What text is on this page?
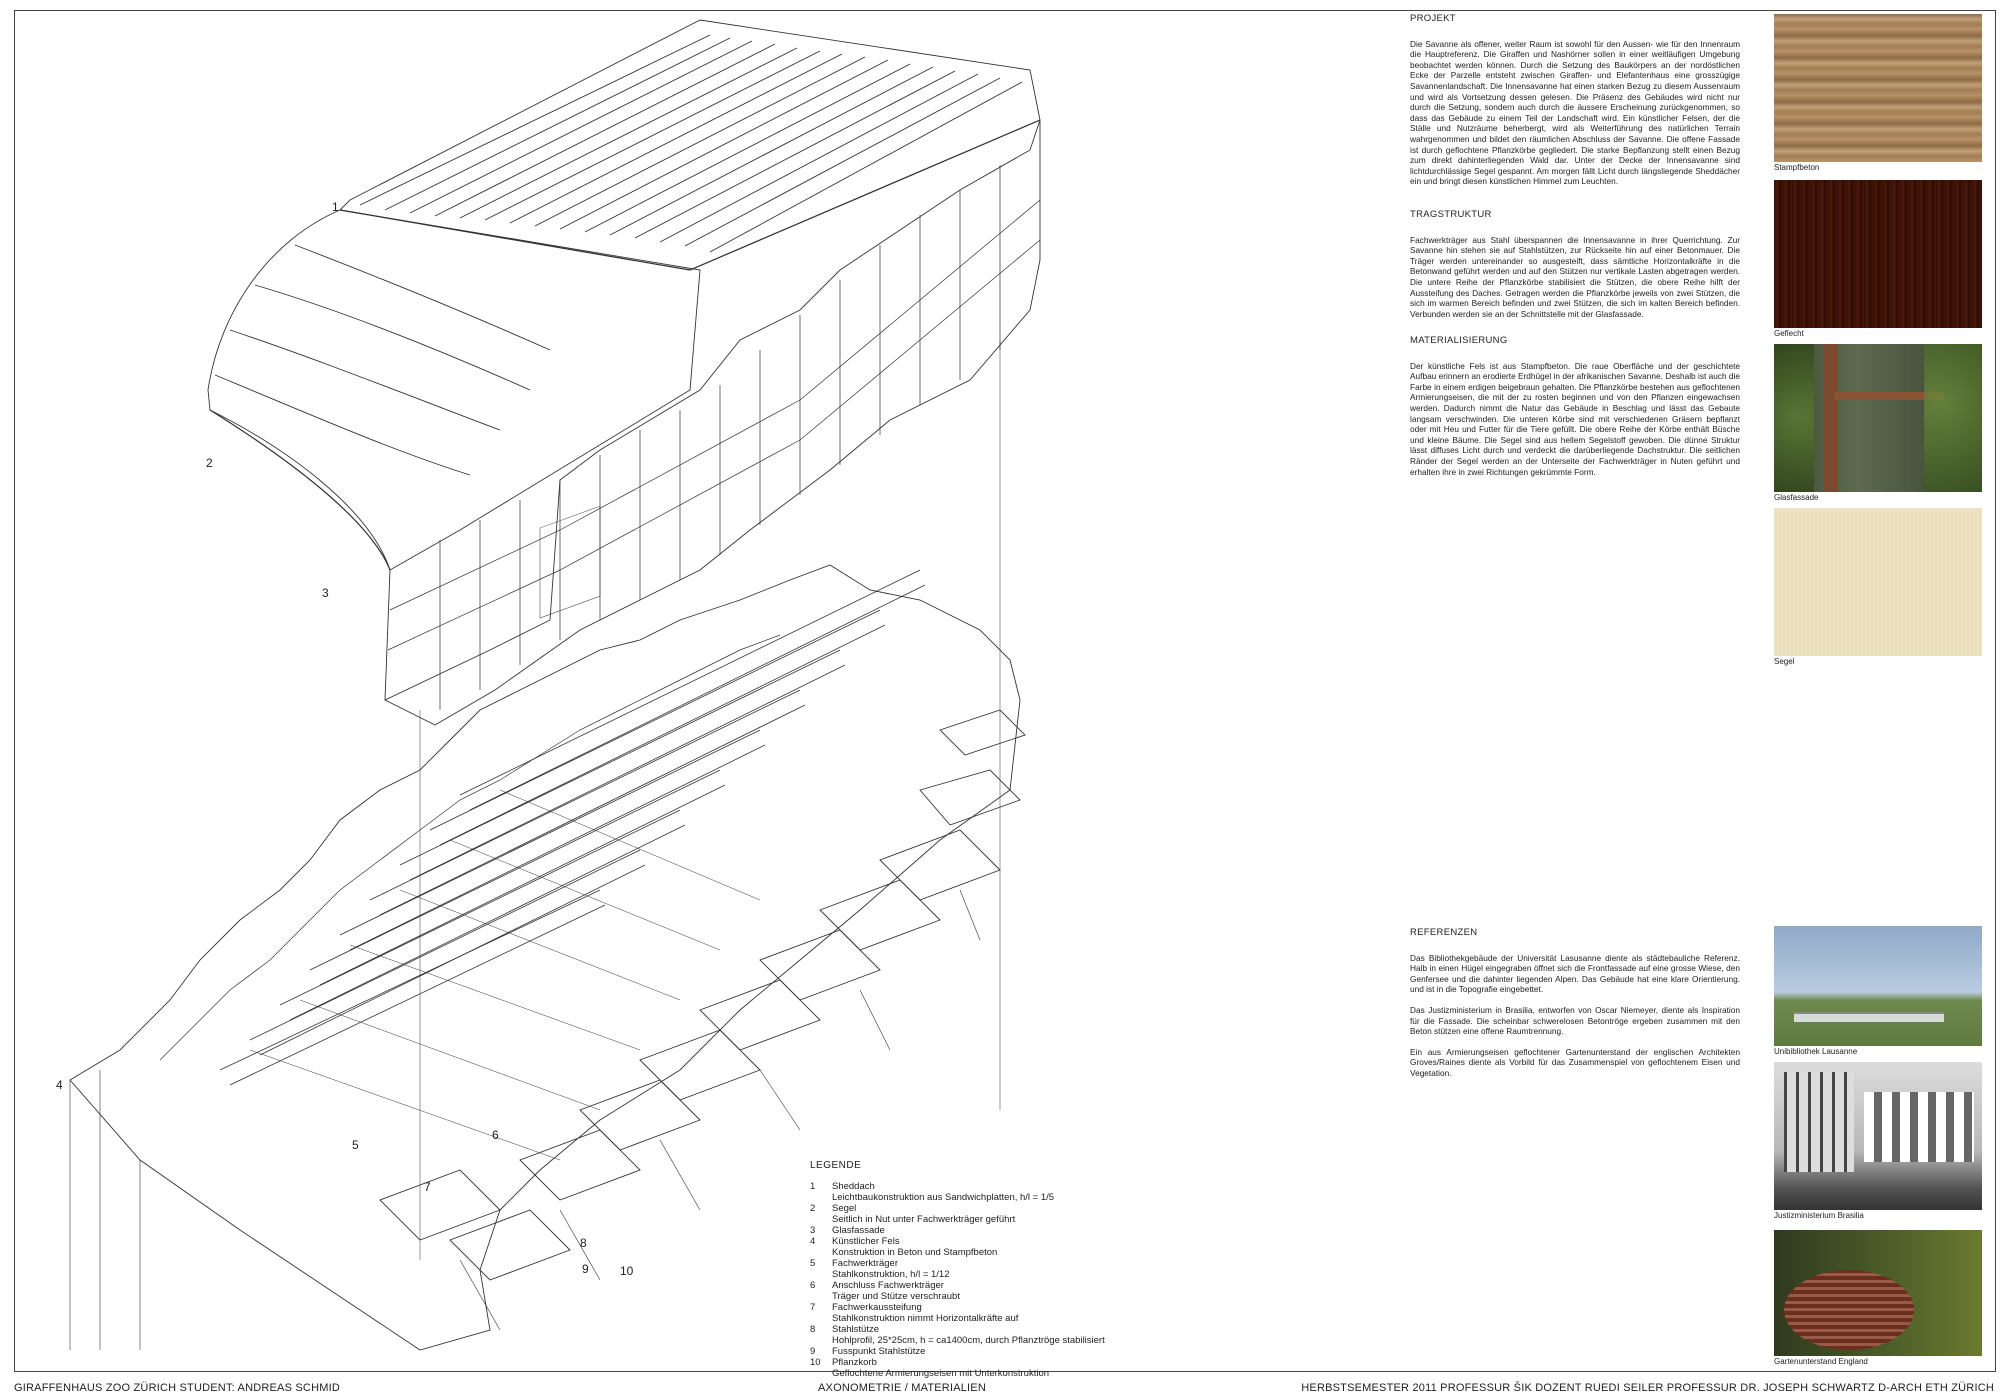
1
2
3
4
5
6
7
8
9	10
LEGENDE
1	Sheddach
Leichtbaukonstruktion aus Sandwichplatten, h/l = 1/5
2	Segel
Seitlich in Nut unter Fachwerkträger geführt
3	Glasfassade
4	Künstlicher Fels
Konstruktion in Beton und Stampfbeton
5	Fachwerkträger
Stahlkonstruktion, h/l = 1/12
6	Anschluss Fachwerkträger
Träger und Stütze verschraubt
7	Fachwerkaussteifung
Stahlkonstruktion nimmt Horizontalkräfte auf
8	Stahlstütze
Hohlprofil, 25*25cm, h = ca1400cm, durch Pflanztröge stabilisiert
9	Fusspunkt Stahlstütze
10	Pflanzkorb
Geflochtene Armierungseisen mit Unterkonstruktion
PROJEKT

Die Savanne als offener, weiter Raum ist sowohl für den Aussen- wie für den Innenraum die Hauptreferenz. Die Giraffen und Nashörner sollen in einer weitläufigen Umgebung beobachtet werden können. Durch die Setzung des Baukörpers an der nordöstlichen Ecke der Parzelle entsteht zwischen Giraffen- und Elefantenhaus eine grosszügige Savannenlandschaft. Die Innensavanne hat einen starken Bezug zu diesem Aussenraum und wird als Vortsetzung dessen gelesen. Die Präsenz des Gebäudes wird nicht nur durch die Setzung, sondern auch durch die äussere Erscheinung zurückgenommen, so dass das Gebäude zu einem Teil der Landschaft wird. Ein künstlicher Felsen, der die Ställe und Nutzräume beherbergt, wird als Weiterführung des natürlichen Terrain wahrgenommen und bildet den räumlichen Abschluss der Savanne. Die offene Fassade ist durch geflochtene Pflanzkörbe gegliedert. Die starke Bepflanzung stellt einen Bezug zum direkt dahinterliegenden Wald dar. Unter der Decke der Innensavanne sind lichtdurchlässige Segel gespannt. Am morgen fällt Licht durch längsliegende Sheddächer ein und bringt diesen künstlichen Himmel zum Leuchten.

TRAGSTRUKTUR

Fachwerkträger aus Stahl überspannen die Innensavanne in ihrer Querrichtung. Zur Savanne hin stehen sie auf Stahlstützen, zur Rückseite hin auf einer Betonmauer. Die Träger werden untereinander so ausgesteift, dass sämtliche Horizontalkräfte in die Betonwand geführt werden und auf den Stützen nur vertikale Lasten abgetragen werden. Die untere Reihe der Pflanzkörbe stabilisiert die Stützen, die obere Reihe hilft der Aussteifung des Daches. Getragen werden die Pflanzkörbe jeweils von zwei Stützen, die sich im warmen Bereich befinden und zwei Stützen, die sich im kalten Bereich befinden. Verbunden werden sie an der Schnittstelle mit der Glasfassade.

MATERIALISIERUNG

Der künstliche Fels ist aus Stampfbeton. Die raue Oberfläche und der geschichtete Aufbau erinnern an erodierte Erdhügel in der afrikanischen Savanne. Deshalb ist auch die Farbe in einem erdigen beigebraun gehalten. Die Pflanzkörbe bestehen aus geflochtenen Armierungseisen, die mit der zu rosten beginnen und von den Pflanzen eingewachsen werden. Dadurch nimmt die Natur das Gebäude in Beschlag und lässt das Gebaute langsam verschwinden. Die unteren Körbe sind mit verschiedenen Gräsern bepflanzt oder mit Heu und Futter für die Tiere gefüllt. Die obere Reihe der Körbe enthält Büsche und kleine Bäume. Die Segel sind aus hellem Segelstoff gewoben. Die dünne Struktur lässt diffuses Licht durch und verdeckt die darüberliegende Dachstruktur. Die seitlichen Ränder der Segel werden an der Unterseite der Fachwerkträger in Nuten geführt und erhalten ihre in zwei Richtungen gekrümmte Form.

REFERENZEN

Das Bibliothekgebäude der Universität Lasusanne diente als städtebauliche Referenz. Halb in einen Hügel eingegraben öffnet sich die Frontfassade auf eine grosse Wiese, den Genfersee und die dahinter liegenden Alpen. Das Gebäude hat eine klare Orientierung. und ist in die Topografie eingebettet.

Das Justizministerium in Brasilia, entworfen von Oscar Niemeyer, diente als Inspiration für die Fassade. Die scheinbar schwerelosen Betontröge ergeben zusammen mit den Beton stützen eine offene Raumtrennung.

Ein aus Armierungseisen geflochtener Gartenunterstand der englischen Architekten Groves/Raines diente als Vorbild für das Zusammenspiel von geflochtenem Eisen und Vegetation.

Stampfbeton
Geflecht
Glasfassade
Segel
Unibibliothek Lausanne
Justizministerium Brasilia
Gartenunterstand England
GIRAFFENHAUS ZOO ZÜRICH STUDENT: ANDREAS SCHMID	AXONOMETRIE / MATERIALIEN	HERBSTSEMESTER 2011 PROFESSUR ŠIK DOZENT RUEDI SEILER PROFESSUR DR. JOSEPH SCHWARTZ D-ARCH ETH ZÜRICH
